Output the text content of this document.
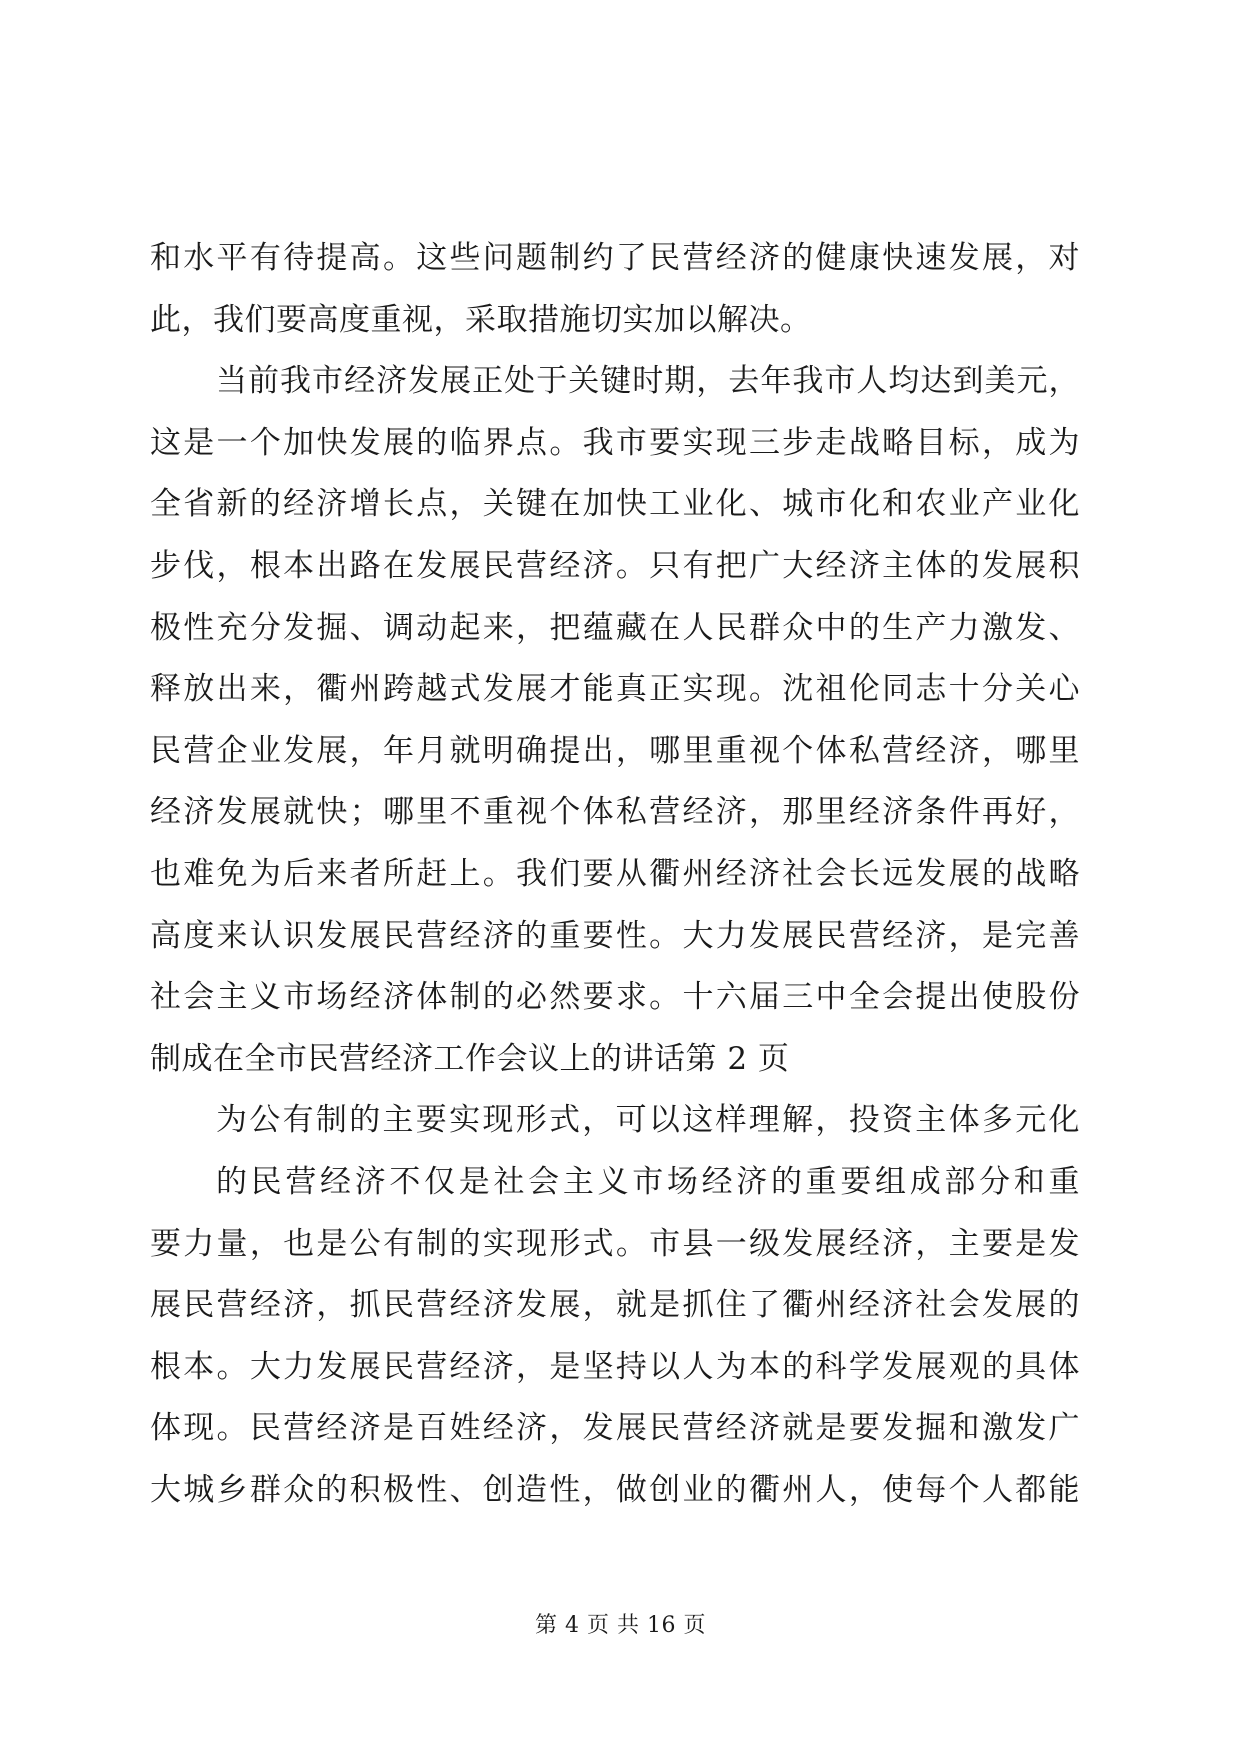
和水平有待提高。这些问题制约了民营经济的健康快速发展，对
此，我们要高度重视，采取措施切实加以解决。
当前我市经济发展正处于关键时期，去年我市人均达到美元，
这是一个加快发展的临界点。我市要实现三步走战略目标，成为
全省新的经济增长点，关键在加快工业化、城市化和农业产业化
步伐，根本出路在发展民营经济。只有把广大经济主体的发展积
极性充分发掘、调动起来，把蕴藏在人民群众中的生产力激发、
释放出来，衢州跨越式发展才能真正实现。沈祖伦同志十分关心
民营企业发展，年月就明确提出，哪里重视个体私营经济，哪里
经济发展就快；哪里不重视个体私营经济，那里经济条件再好，
也难免为后来者所赶上。我们要从衢州经济社会长远发展的战略
高度来认识发展民营经济的重要性。大力发展民营经济，是完善
社会主义市场经济体制的必然要求。十六届三中全会提出使股份
制成在全市民营经济工作会议上的讲话第 2 页
为公有制的主要实现形式，可以这样理解，投资主体多元化
的民营经济不仅是社会主义市场经济的重要组成部分和重
要力量，也是公有制的实现形式。市县一级发展经济，主要是发
展民营经济，抓民营经济发展，就是抓住了衢州经济社会发展的
根本。大力发展民营经济，是坚持以人为本的科学发展观的具体
体现。民营经济是百姓经济，发展民营经济就是要发掘和激发广
大城乡群众的积极性、创造性，做创业的衢州人，使每个人都能
第 4 页 共 16 页
